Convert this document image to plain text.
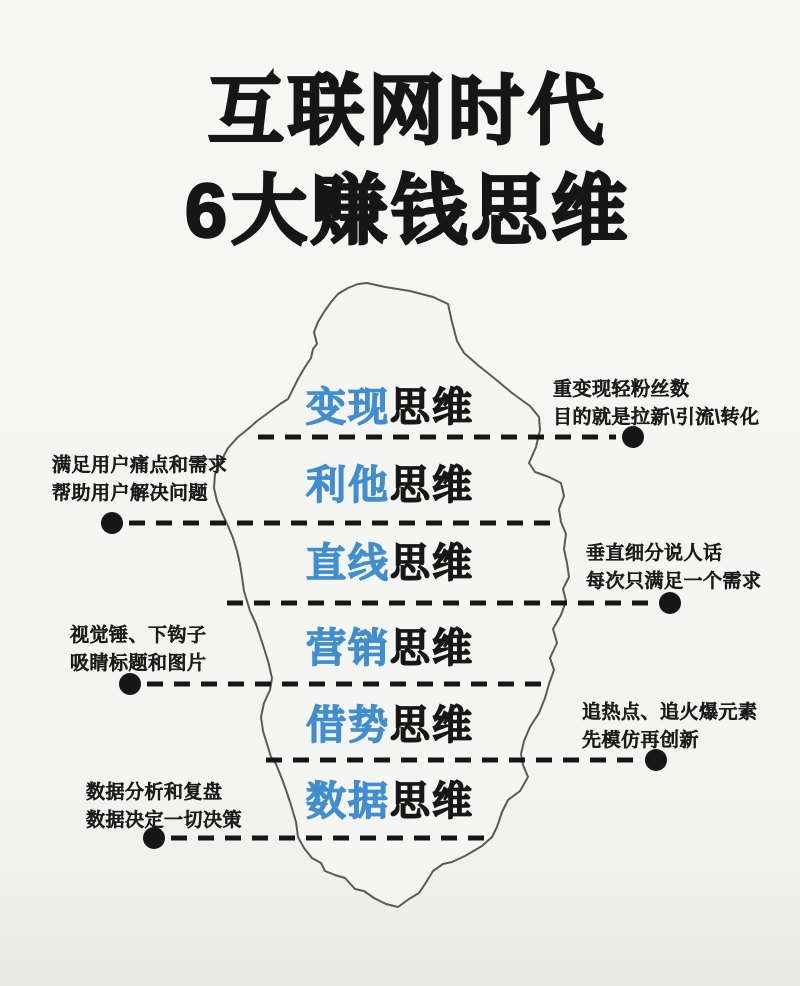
互联网时代
6大赚钱思维
变现思维
利他思维
直线思维
营销思维
借势思维
数据思维
重变现轻粉丝数
目的就是拉新\引流\转化
满足用户痛点和需求
帮助用户解决问题
垂直细分说人话
每次只满足一个需求
视觉锤、下钩子
吸睛标题和图片
追热点、追火爆元素
先模仿再创新
数据分析和复盘
数据决定一切决策
